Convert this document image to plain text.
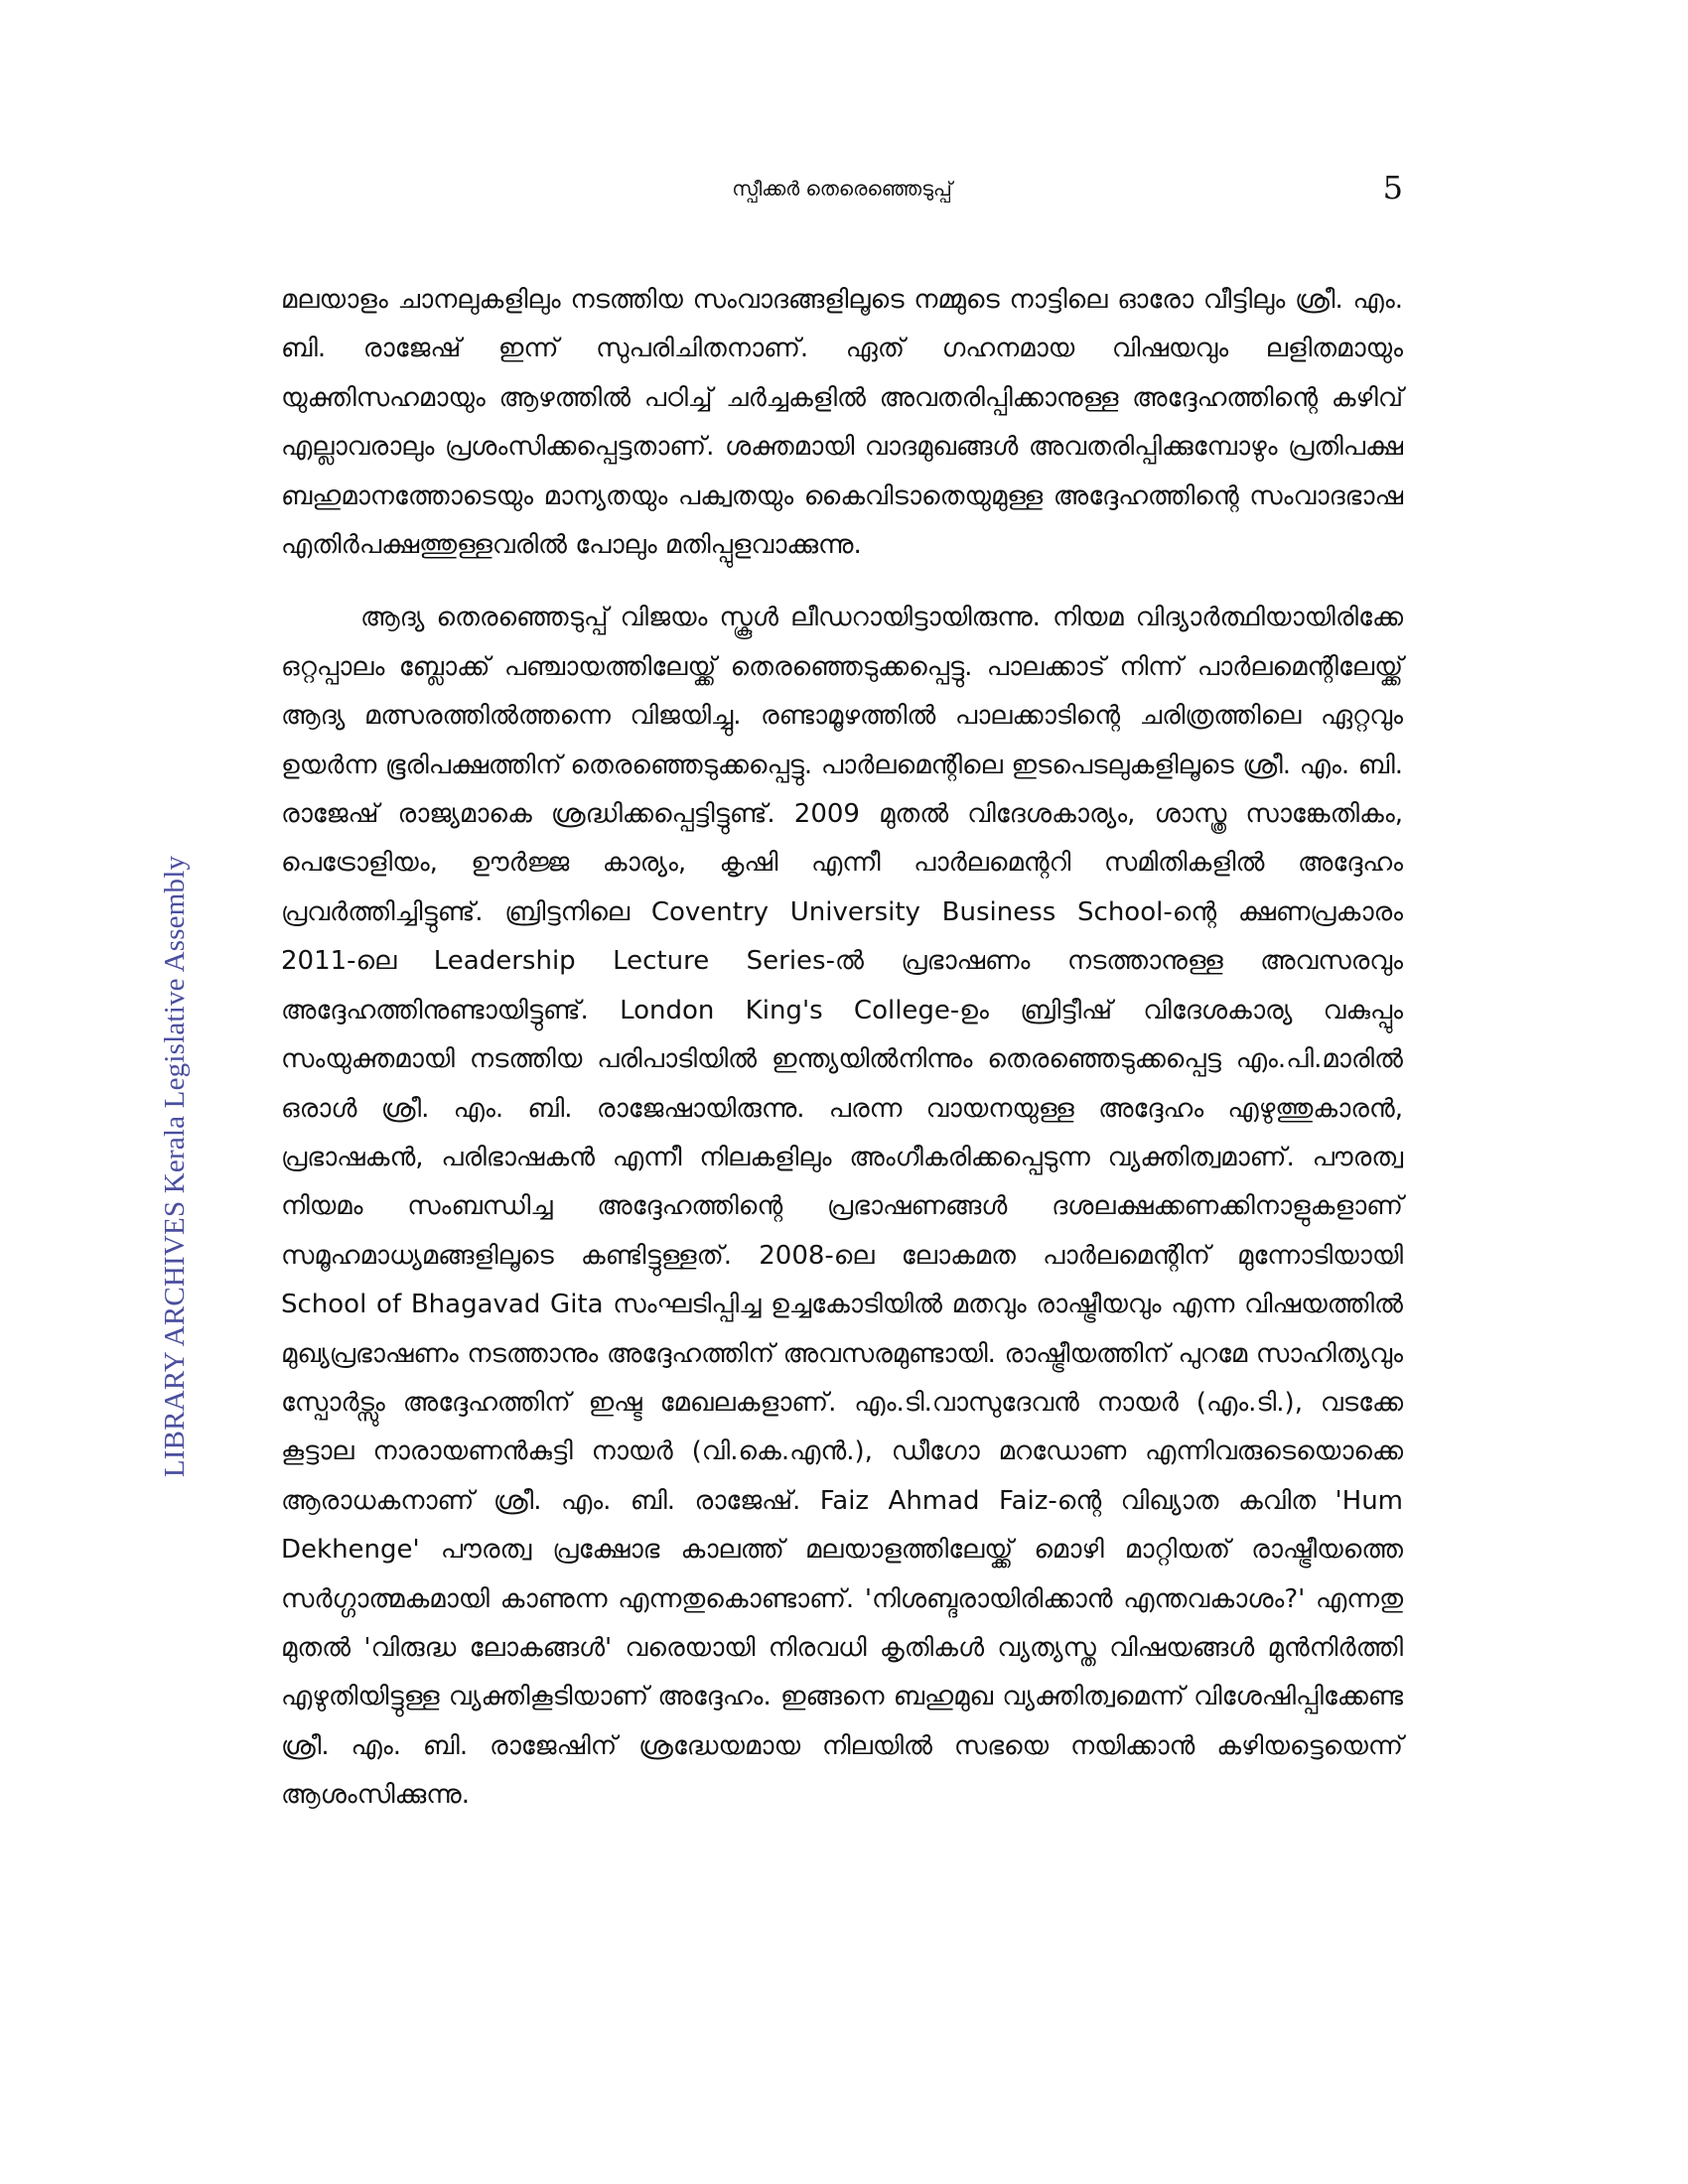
സ്പീക്കർ തെരെഞ്ഞെടുപ്പ്	5
LIBRARY ARCHIVES Kerala Legislative Assembly

മലയാളം ചാനലുകളിലും നടത്തിയ സംവാദങ്ങളിലൂടെ നമ്മുടെ നാട്ടിലെ ഓരോ വീട്ടിലും ശ്രീ. എം. ബി. രാജേഷ് ഇന്ന് സുപരിചിതനാണ്. ഏത് ഗഹനമായ വിഷയവും ലളിതമായും യുക്തിസഹമായും ആഴത്തിൽ പഠിച്ച് ചർച്ചകളിൽ അവതരിപ്പിക്കാനുള്ള അദ്ദേഹത്തിന്റെ കഴിവ് എല്ലാവരാലും പ്രശംസിക്കപ്പെട്ടതാണ്. ശക്തമായി വാദമുഖങ്ങൾ അവതരിപ്പിക്കുമ്പോഴും പ്രതിപക്ഷ ബഹുമാനത്തോടെയും മാന്യതയും പക്വതയും കൈവിടാതെയുമുള്ള അദ്ദേഹത്തിന്റെ സംവാദഭാഷ എതിർപക്ഷത്തുള്ളവരിൽ പോലും മതിപ്പുളവാക്കുന്നു.

ആദ്യ തെരഞ്ഞെടുപ്പ് വിജയം സ്കൂൾ ലീഡറായിട്ടായിരുന്നു. നിയമ വിദ്യാർത്ഥിയായിരിക്കേ ഒറ്റപ്പാലം ബ്ലോക്ക് പഞ്ചായത്തിലേയ്ക്ക് തെരഞ്ഞെടുക്കപ്പെട്ടു. പാലക്കാട് നിന്ന് പാർലമെന്റിലേയ്ക്ക് ആദ്യ മത്സരത്തിൽത്തന്നെ വിജയിച്ചു. രണ്ടാമൂഴത്തിൽ പാലക്കാടിന്റെ ചരിത്രത്തിലെ ഏറ്റവും ഉയർന്ന ഭൂരിപക്ഷത്തിന് തെരഞ്ഞെടുക്കപ്പെട്ടു. പാർലമെന്റിലെ ഇടപെടലുകളിലൂടെ ശ്രീ. എം. ബി. രാജേഷ് രാജ്യമാകെ ശ്രദ്ധിക്കപ്പെട്ടിട്ടുണ്ട്. 2009 മുതൽ വിദേശകാര്യം, ശാസ്ത്ര സാങ്കേതികം, പെട്രോളിയം, ഊർജ്ജ കാര്യം, കൃഷി എന്നീ പാർലമെന്ററി സമിതികളിൽ അദ്ദേഹം പ്രവർത്തിച്ചിട്ടുണ്ട്. ബ്രിട്ടനിലെ Coventry University Business School-ന്റെ ക്ഷണപ്രകാരം 2011-ലെ Leadership Lecture Series-ൽ പ്രഭാഷണം നടത്താനുള്ള അവസരവും അദ്ദേഹത്തിനുണ്ടായിട്ടുണ്ട്. London King's College-ഉം ബ്രിട്ടീഷ് വിദേശകാര്യ വകുപ്പും സംയുക്തമായി നടത്തിയ പരിപാടിയിൽ ഇന്ത്യയിൽനിന്നും തെരഞ്ഞെടുക്കപ്പെട്ട എം.പി.മാരിൽ ഒരാൾ ശ്രീ. എം. ബി. രാജേഷായിരുന്നു. പരന്ന വായനയുള്ള അദ്ദേഹം എഴുത്തുകാരൻ, പ്രഭാഷകൻ, പരിഭാഷകൻ എന്നീ നിലകളിലും അംഗീകരിക്കപ്പെടുന്ന വ്യക്തിത്വമാണ്. പൗരത്വ നിയമം സംബന്ധിച്ച അദ്ദേഹത്തിന്റെ പ്രഭാഷണങ്ങൾ ദശലക്ഷക്കണക്കിനാളുകളാണ് സമൂഹമാധ്യമങ്ങളിലൂടെ കണ്ടിട്ടുള്ളത്. 2008-ലെ ലോകമത പാർലമെന്റിന് മുന്നോടിയായി School of Bhagavad Gita സംഘടിപ്പിച്ച ഉച്ചകോടിയിൽ മതവും രാഷ്ട്രീയവും എന്ന വിഷയത്തിൽ മുഖ്യപ്രഭാഷണം നടത്താനും അദ്ദേഹത്തിന് അവസരമുണ്ടായി. രാഷ്ട്രീയത്തിന് പുറമേ സാഹിത്യവും സ്പോർട്സും അദ്ദേഹത്തിന് ഇഷ്ട മേഖലകളാണ്. എം.ടി.വാസുദേവൻ നായർ (എം.ടി.), വടക്കേ കൂട്ടാല നാരായണൻകുട്ടി നായർ (വി.കെ.എൻ.), ഡീഗോ മറഡോണ എന്നിവരുടെയൊക്കെ ആരാധകനാണ് ശ്രീ. എം. ബി. രാജേഷ്. Faiz Ahmad Faiz-ന്റെ വിഖ്യാത കവിത 'Hum Dekhenge' പൗരത്വ പ്രക്ഷോഭ കാലത്ത് മലയാളത്തിലേയ്ക്ക് മൊഴി മാറ്റിയത് രാഷ്ട്രീയത്തെ സർഗ്ഗാത്മകമായി കാണുന്ന എന്നതുകൊണ്ടാണ്. 'നിശബ്ദരായിരിക്കാൻ എന്തവകാശം?' എന്നതു മുതൽ 'വിരുദ്ധ ലോകങ്ങൾ' വരെയായി നിരവധി കൃതികൾ വ്യത്യസ്ത വിഷയങ്ങൾ മുൻനിർത്തി എഴുതിയിട്ടുള്ള വ്യക്തികൂടിയാണ് അദ്ദേഹം. ഇങ്ങനെ ബഹുമുഖ വ്യക്തിത്വമെന്ന് വിശേഷിപ്പിക്കേണ്ട ശ്രീ. എം. ബി. രാജേഷിന് ശ്രദ്ധേയമായ നിലയിൽ സഭയെ നയിക്കാൻ കഴിയട്ടെയെന്ന് ആശംസിക്കുന്നു.
